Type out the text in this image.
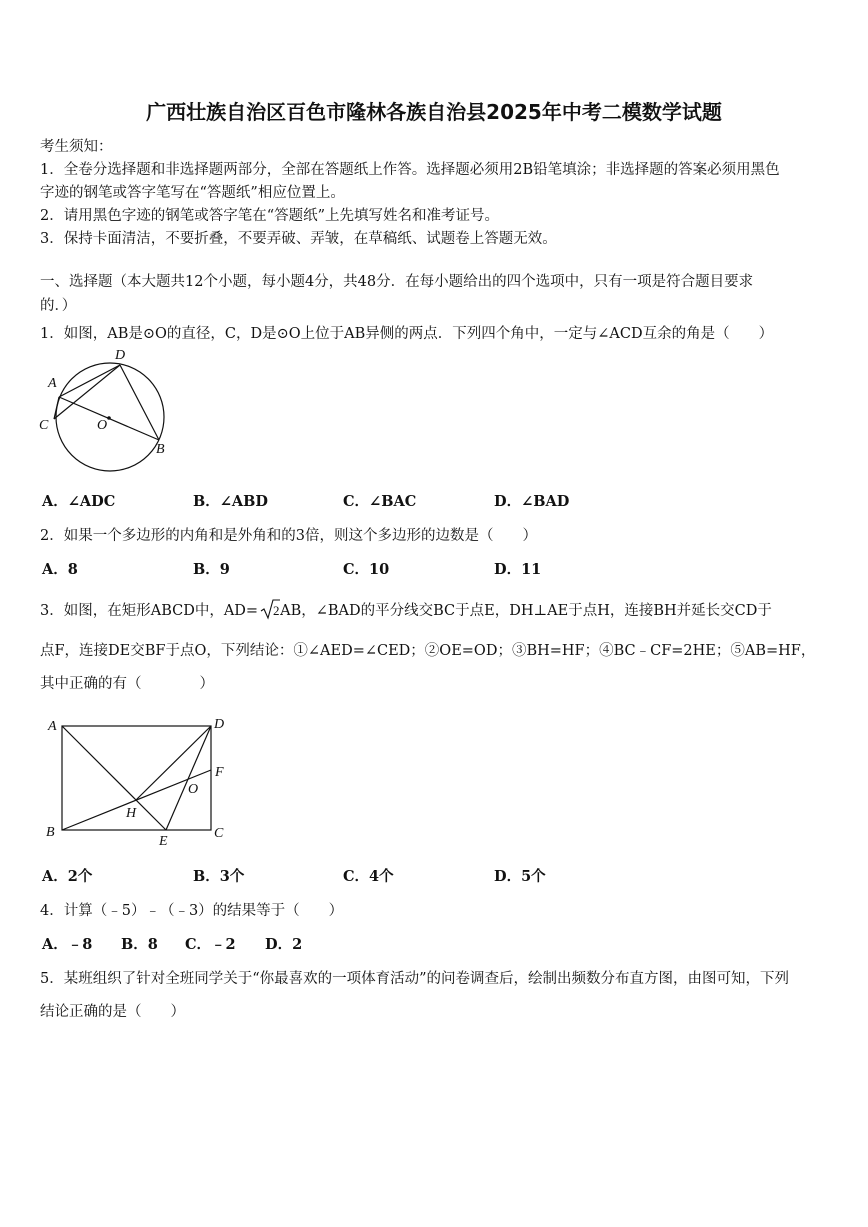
广西壮族自治区百色市隆林各族自治县2025年中考二模数学试题
考生须知：
1．全卷分选择题和非选择题两部分，全部在答题纸上作答。选择题必须用2B铅笔填涂；非选择题的答案必须用黑色
字迹的钢笔或答字笔写在“答题纸”相应位置上。
2．请用黑色字迹的钢笔或答字笔在“答题纸”上先填写姓名和准考证号。
3．保持卡面清洁，不要折叠，不要弄破、弄皱，在草稿纸、试题卷上答题无效。
一、选择题（本大题共12个小题，每小题4分，共48分．在每小题给出的四个选项中，只有一项是符合题目要求
的．）
1．如图，AB是⊙O的直径，C，D是⊙O上位于AB异侧的两点．下列四个角中，一定与∠ACD互余的角是（　　）
A
D
C	O
B
A．∠ADC	B．∠ABD	C．∠BAC	D．∠BAD
2．如果一个多边形的内角和是外角和的3倍，则这个多边形的边数是（　　）
A．8	B．9	C．10	D．11
3．如图，在矩形ABCD中，AD= 2 AB，∠BAD的平分线交BC于点E，DH⊥AE于点H，连接BH并延长交CD于
点F，连接DE交BF于点O，下列结论：①∠AED=∠CED；②OE=OD；③BH=HF；④BC﹣CF=2HE；⑤AB=HF，
其中正确的有（　　　　）
A	D
F
O
H
B	C
E
A．2个	B．3个	C．4个	D．5个
4．计算（﹣5）﹣（﹣3）的结果等于（　　）
A．﹣8 B．8 C．﹣2 D．2
5．某班组织了针对全班同学关于“你最喜欢的一项体育活动”的问卷调查后，绘制出频数分布直方图，由图可知，下列
结论正确的是（　　）
